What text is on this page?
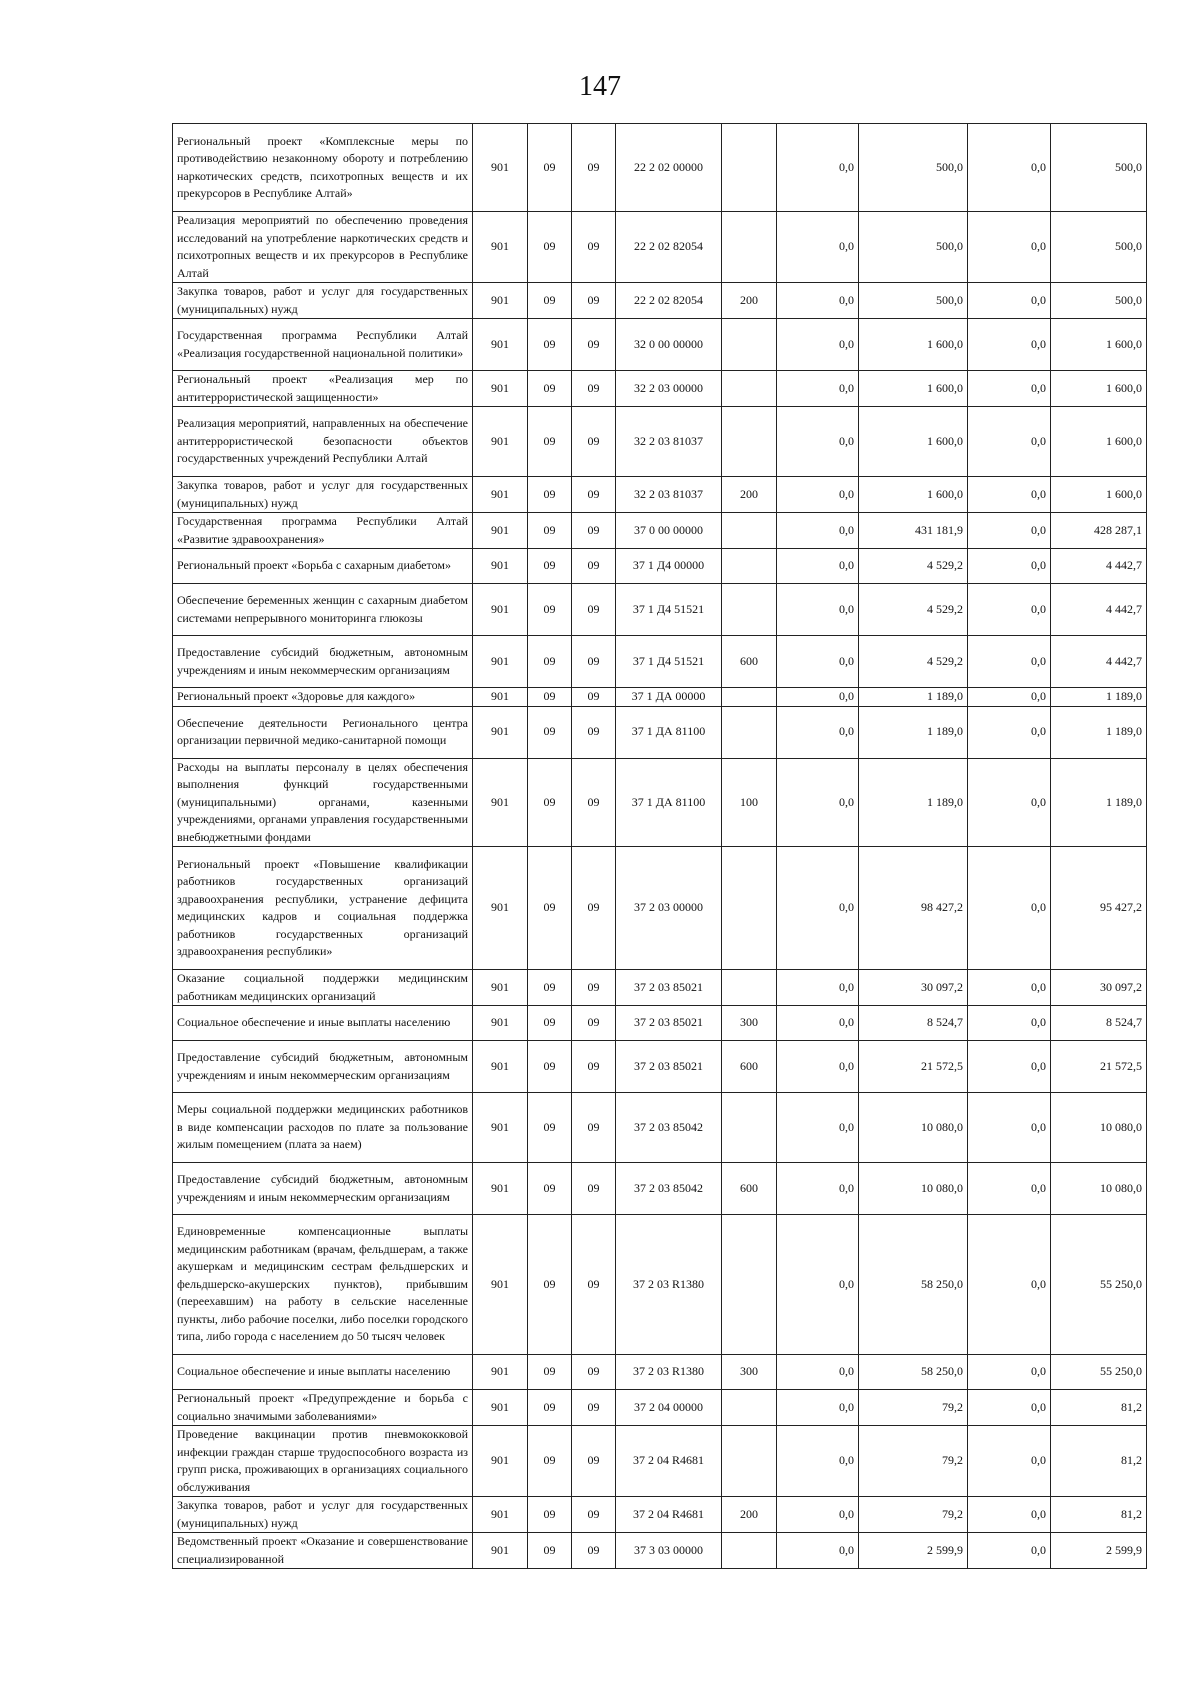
147
Региональный проект «Комплексные меры по противодействию незаконному обороту и потреблению наркотических средств, психотропных веществ и их прекурсоров в Республике Алтай»	901	09	09	22 2 02 00000		0,0	500,0	0,0	500,0
Реализация мероприятий по обеспечению проведения исследований на употребление наркотических средств и психотропных веществ и их прекурсоров в Республике Алтай	901	09	09	22 2 02 82054		0,0	500,0	0,0	500,0
Закупка товаров, работ и услуг для государственных (муниципальных) нужд	901	09	09	22 2 02 82054	200	0,0	500,0	0,0	500,0
Государственная программа Республики Алтай «Реализация государственной национальной политики»	901	09	09	32 0 00 00000		0,0	1 600,0	0,0	1 600,0
Региональный проект «Реализация мер по антитеррористической защищенности»	901	09	09	32 2 03 00000		0,0	1 600,0	0,0	1 600,0
Реализация мероприятий, направленных на обеспечение антитеррористической безопасности объектов государственных учреждений Республики Алтай	901	09	09	32 2 03 81037		0,0	1 600,0	0,0	1 600,0
Закупка товаров, работ и услуг для государственных (муниципальных) нужд	901	09	09	32 2 03 81037	200	0,0	1 600,0	0,0	1 600,0
Государственная программа Республики Алтай «Развитие здравоохранения»	901	09	09	37 0 00 00000		0,0	431 181,9	0,0	428 287,1
Региональный проект «Борьба с сахарным диабетом»	901	09	09	37 1 Д4 00000		0,0	4 529,2	0,0	4 442,7
Обеспечение беременных женщин с сахарным диабетом системами непрерывного мониторинга глюкозы	901	09	09	37 1 Д4 51521		0,0	4 529,2	0,0	4 442,7
Предоставление субсидий бюджетным, автономным учреждениям и иным некоммерческим организациям	901	09	09	37 1 Д4 51521	600	0,0	4 529,2	0,0	4 442,7
Региональный проект «Здоровье для каждого»	901	09	09	37 1 ДА 00000		0,0	1 189,0	0,0	1 189,0
Обеспечение деятельности Регионального центра организации первичной медико-санитарной помощи	901	09	09	37 1 ДА 81100		0,0	1 189,0	0,0	1 189,0
Расходы на выплаты персоналу в целях обеспечения выполнения функций государственными (муниципальными) органами, казенными учреждениями, органами управления государственными внебюджетными фондами	901	09	09	37 1 ДА 81100	100	0,0	1 189,0	0,0	1 189,0
Региональный проект «Повышение квалификации работников государственных организаций здравоохранения республики, устранение дефицита медицинских кадров и социальная поддержка работников государственных организаций здравоохранения республики»	901	09	09	37 2 03 00000		0,0	98 427,2	0,0	95 427,2
Оказание социальной поддержки медицинским работникам медицинских организаций	901	09	09	37 2 03 85021		0,0	30 097,2	0,0	30 097,2
Социальное обеспечение и иные выплаты населению	901	09	09	37 2 03 85021	300	0,0	8 524,7	0,0	8 524,7
Предоставление субсидий бюджетным, автономным учреждениям и иным некоммерческим организациям	901	09	09	37 2 03 85021	600	0,0	21 572,5	0,0	21 572,5
Меры социальной поддержки медицинских работников в виде компенсации расходов по плате за пользование жилым помещением (плата за наем)	901	09	09	37 2 03 85042		0,0	10 080,0	0,0	10 080,0
Предоставление субсидий бюджетным, автономным учреждениям и иным некоммерческим организациям	901	09	09	37 2 03 85042	600	0,0	10 080,0	0,0	10 080,0
Единовременные компенсационные выплаты медицинским работникам (врачам, фельдшерам, а также акушеркам и медицинским сестрам фельдшерских и фельдшерско-акушерских пунктов), прибывшим (переехавшим) на работу в сельские населенные пункты, либо рабочие поселки, либо поселки городского типа, либо города с населением до 50 тысяч человек	901	09	09	37 2 03 R1380		0,0	58 250,0	0,0	55 250,0
Социальное обеспечение и иные выплаты населению	901	09	09	37 2 03 R1380	300	0,0	58 250,0	0,0	55 250,0
Региональный проект «Предупреждение и борьба с социально значимыми заболеваниями»	901	09	09	37 2 04 00000		0,0	79,2	0,0	81,2
Проведение вакцинации против пневмококковой инфекции граждан старше трудоспособного возраста из групп риска, проживающих в организациях социального обслуживания	901	09	09	37 2 04 R4681		0,0	79,2	0,0	81,2
Закупка товаров, работ и услуг для государственных (муниципальных) нужд	901	09	09	37 2 04 R4681	200	0,0	79,2	0,0	81,2
Ведомственный проект «Оказание и совершенствование специализированной	901	09	09	37 3 03 00000		0,0	2 599,9	0,0	2 599,9
